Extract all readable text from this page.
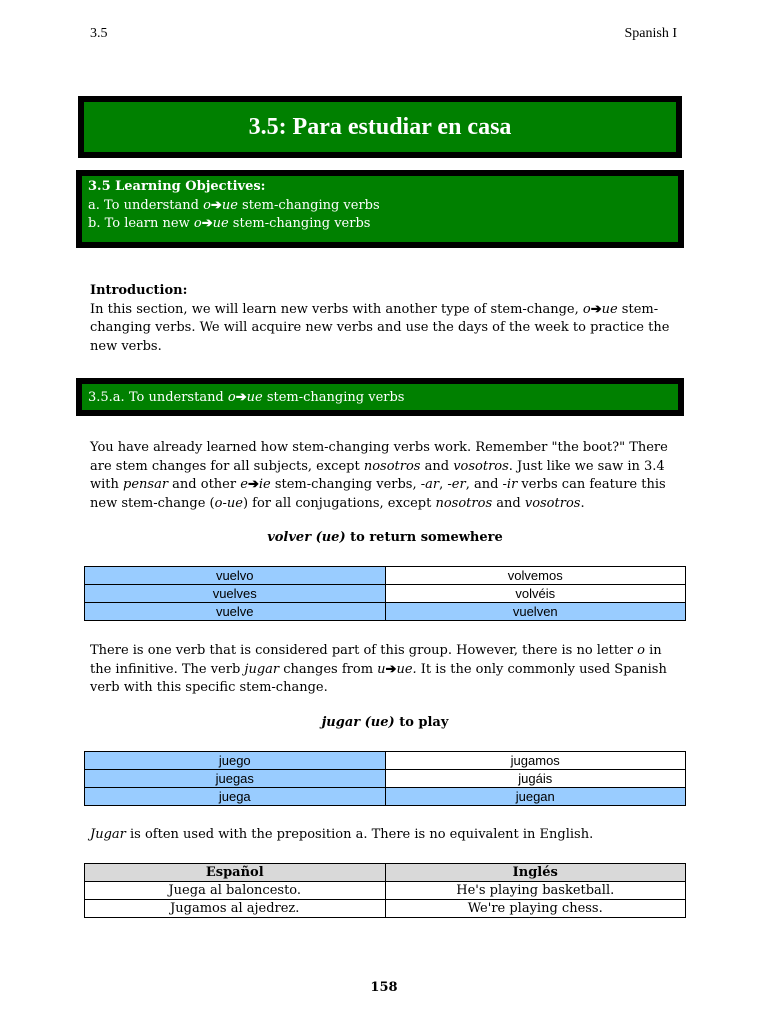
3.5	Spanish I
3.5: Para estudiar en casa
3.5 Learning Objectives:
a. To understand o➔ue stem-changing verbs
b. To learn new o➔ue stem-changing verbs
Introduction:
In this section, we will learn new verbs with another type of stem-change, o➔ue stem-changing verbs. We will acquire new verbs and use the days of the week to practice the new verbs.
3.5.a. To understand o➔ue stem-changing verbs
You have already learned how stem-changing verbs work. Remember "the boot?" There are stem changes for all subjects, except nosotros and vosotros. Just like we saw in 3.4 with pensar and other e➔ie stem-changing verbs, -ar, -er, and -ir verbs can feature this new stem-change (o-ue) for all conjugations, except nosotros and vosotros.
volver (ue) to return somewhere
vuelvo	volvemos
vuelves	volvéis
vuelve	vuelven
There is one verb that is considered part of this group. However, there is no letter o in the infinitive. The verb jugar changes from u➔ue. It is the only commonly used Spanish verb with this specific stem-change.
jugar (ue) to play
juego	jugamos
juegas	jugáis
juega	juegan
Jugar is often used with the preposition a. There is no equivalent in English.
Español	Inglés
Juega al baloncesto.	He's playing basketball.
Jugamos al ajedrez.	We're playing chess.
158
